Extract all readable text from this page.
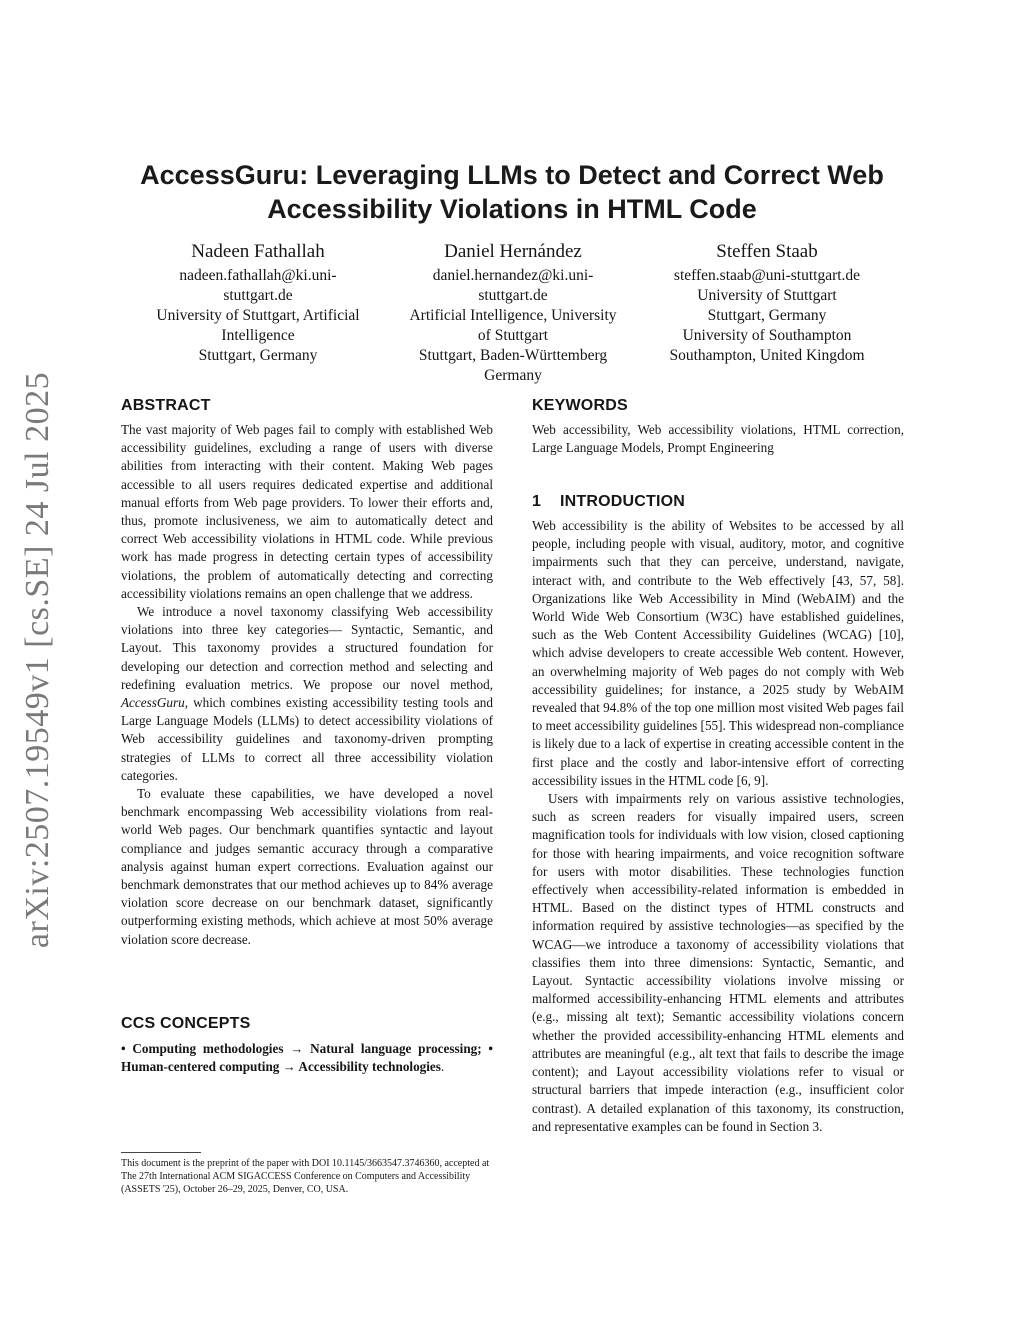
arXiv:2507.19549v1 [cs.SE] 24 Jul 2025
AccessGuru: Leveraging LLMs to Detect and Correct Web
Accessibility Violations in HTML Code
Nadeen Fathallah
nadeen.fathallah@ki.uni-
stuttgart.de
University of Stuttgart, Artificial
Intelligence
Stuttgart, Germany
Daniel Hernández
daniel.hernandez@ki.uni-
stuttgart.de
Artificial Intelligence, University
of Stuttgart
Stuttgart, Baden-Württemberg
Germany
Steffen Staab
steffen.staab@uni-stuttgart.de
University of Stuttgart
Stuttgart, Germany
University of Southampton
Southampton, United Kingdom
ABSTRACT

The vast majority of Web pages fail to comply with established Web accessibility guidelines, excluding a range of users with diverse abilities from interacting with their content. Making Web pages accessible to all users requires dedicated expertise and additional manual efforts from Web page providers. To lower their efforts and, thus, promote inclusiveness, we aim to automatically detect and correct Web accessibility violations in HTML code. While previous work has made progress in detecting certain types of accessibility violations, the problem of automatically detecting and correcting accessibility violations remains an open challenge that we address.

We introduce a novel taxonomy classifying Web accessibility violations into three key categories— Syntactic, Semantic, and Layout. This taxonomy provides a structured foundation for developing our detection and correction method and selecting and redefining evaluation metrics. We propose our novel method, AccessGuru, which combines existing accessibility testing tools and Large Language Models (LLMs) to detect accessibility violations of Web accessibility guidelines and taxonomy-driven prompting strategies of LLMs to correct all three accessibility violation categories.

To evaluate these capabilities, we have developed a novel benchmark encompassing Web accessibility violations from real-world Web pages. Our benchmark quantifies syntactic and layout compliance and judges semantic accuracy through a comparative analysis against human expert corrections. Evaluation against our benchmark demonstrates that our method achieves up to 84% average violation score decrease on our benchmark dataset, significantly outperforming existing methods, which achieve at most 50% average violation score decrease.

CCS CONCEPTS

• Computing methodologies → Natural language processing; • Human-centered computing → Accessibility technologies.

This document is the preprint of the paper with DOI 10.1145/3663547.3746360, accepted at The 27th International ACM SIGACCESS Conference on Computers and Accessibility (ASSETS '25), October 26–29, 2025, Denver, CO, USA.
KEYWORDS

Web accessibility, Web accessibility violations, HTML correction, Large Language Models, Prompt Engineering

1 INTRODUCTION

Web accessibility is the ability of Websites to be accessed by all people, including people with visual, auditory, motor, and cognitive impairments such that they can perceive, understand, navigate, interact with, and contribute to the Web effectively [43, 57, 58]. Organizations like Web Accessibility in Mind (WebAIM) and the World Wide Web Consortium (W3C) have established guidelines, such as the Web Content Accessibility Guidelines (WCAG) [10], which advise developers to create accessible Web content. However, an overwhelming majority of Web pages do not comply with Web accessibility guidelines; for instance, a 2025 study by WebAIM revealed that 94.8% of the top one million most visited Web pages fail to meet accessibility guidelines [55]. This widespread non-compliance is likely due to a lack of expertise in creating accessible content in the first place and the costly and labor-intensive effort of correcting accessibility issues in the HTML code [6, 9].

Users with impairments rely on various assistive technologies, such as screen readers for visually impaired users, screen magnification tools for individuals with low vision, closed captioning for those with hearing impairments, and voice recognition software for users with motor disabilities. These technologies function effectively when accessibility-related information is embedded in HTML. Based on the distinct types of HTML constructs and information required by assistive technologies—as specified by the WCAG—we introduce a taxonomy of accessibility violations that classifies them into three dimensions: Syntactic, Semantic, and Layout. Syntactic accessibility violations involve missing or malformed accessibility-enhancing HTML elements and attributes (e.g., missing alt text); Semantic accessibility violations concern whether the provided accessibility-enhancing HTML elements and attributes are meaningful (e.g., alt text that fails to describe the image content); and Layout accessibility violations refer to visual or structural barriers that impede interaction (e.g., insufficient color contrast). A detailed explanation of this taxonomy, its construction, and representative examples can be found in Section 3.
